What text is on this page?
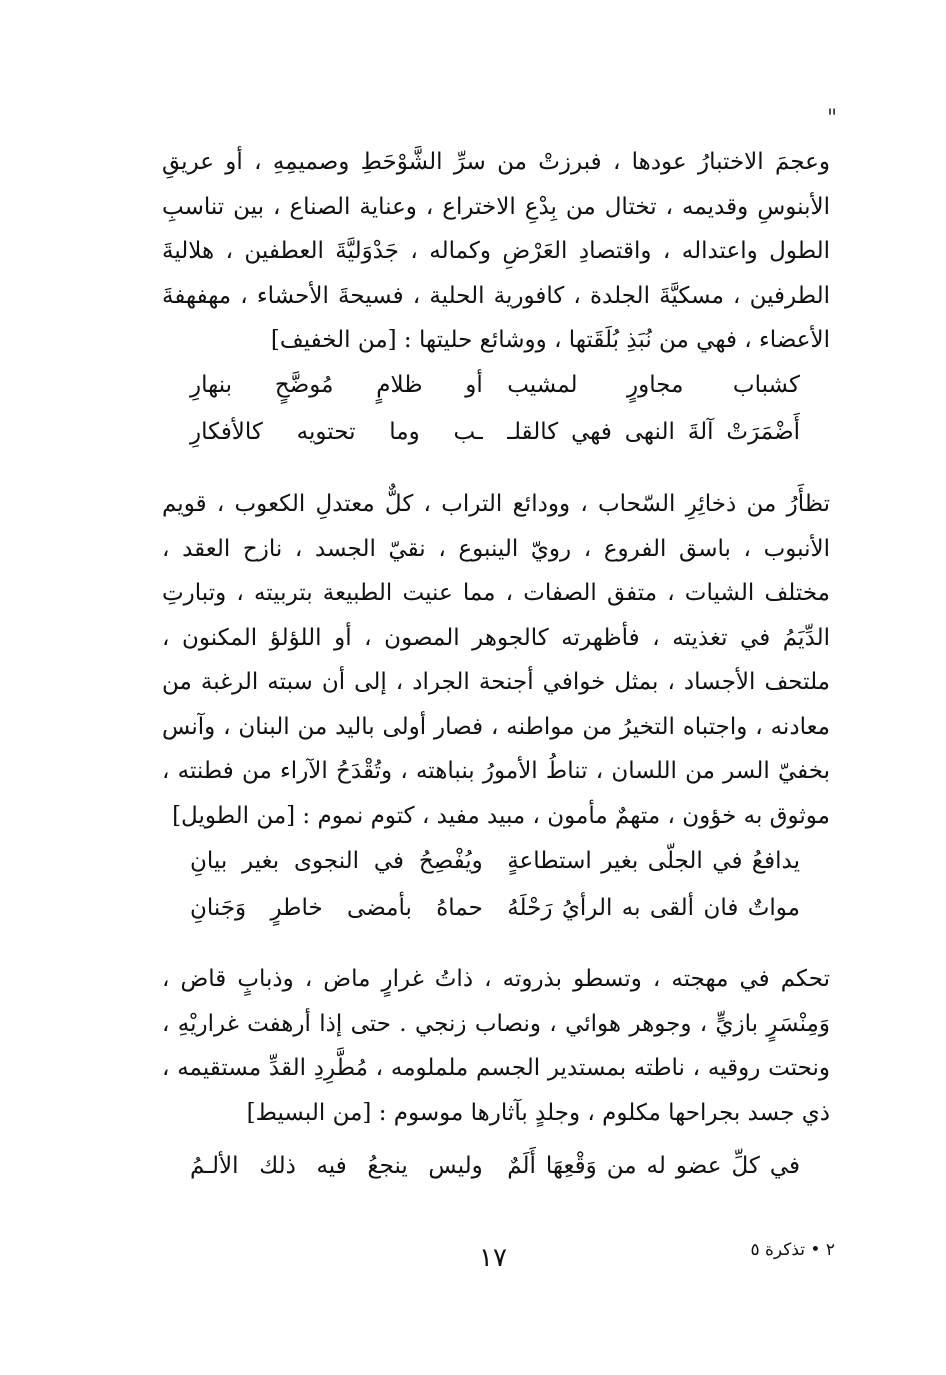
"

وعجمَ الاختبارُ عودها ، فبرزتْ من سرِّ الشَّوْحَطِ وصميمِهِ ، أو عريقِ الأبنوسِ وقديمه ، تختال من بِدْعِ الاختراع ، وعناية الصناع ، بين تناسبِ الطول واعتداله ، واقتصادِ العَرْضِ وكماله ، جَدْوَليَّةَ العطفين ، هلاليةَ الطرفين ، مسكيَّةَ الجلدة ، كافورية الحلية ، فسيحةَ الأحشاء ، مهفهفةَ الأعضاء ، فهي من نُبَذِ بُلَقَتها ، ووشائع حليتها : [من الخفيف]

كشباب مجاورٍ لمشيب
أو ظلامٍ مُوضَّحٍ بنهارِ
أَضْمَرَتْ آلةَ النهى فهي كالقلـ
ـب وما تحتويه كالأفكارِ

تظأَرُ من ذخائِرِ السّحاب ، وودائع التراب ، كلٌّ معتدلِ الكعوب ، قويم الأنبوب ، باسق الفروع ، رويّ الينبوع ، نقيّ الجسد ، نازح العقد ، مختلف الشيات ، متفق الصفات ، مما عنيت الطبيعة بتربيته ، وتبارتِ الدِّيَمُ في تغذيته ، فأظهرته كالجوهر المصون ، أو اللؤلؤ المكنون ، ملتحف الأجساد ، بمثل خوافي أجنحة الجراد ، إلى أن سبته الرغبة من معادنه ، واجتباه التخيرُ من مواطنه ، فصار أولى باليد من البنان ، وآنس بخفيّ السر من اللسان ، تناطُ الأمورُ بنباهته ، وتُقْدَحُ الآراء من فطنته ، موثوق به خؤون ، متهمٌ مأمون ، مبيد مفيد ، كتوم نموم : [من الطويل]

يدافعُ في الجلّى بغير استطاعةٍ
ويُفْصِحُ في النجوى بغير بيانِ
مواتٌ فان ألقى به الرأيُ رَحْلَهُ
حماهُ بأمضى خاطرٍ وَجَنانِ

تحكم في مهجته ، وتسطو بذروته ، ذاتُ غرارٍ ماض ، وذبابٍ قاض ، وَمِنْسَرٍ بازيٍّ ، وجوهر هوائي ، ونصاب زنجي . حتى إذا أرهفت غراريْهِ ، ونحتت روقيه ، ناطته بمستدير الجسم ململومه ، مُطَّرِدِ القدِّ مستقيمه ، ذي جسد بجراحها مكلوم ، وجلدٍ بآثارها موسوم : [من البسيط]

في كلِّ عضو له من وَقْعِهَا أَلَمٌ
وليس ينجعُ فيه ذلك الألـمُ
١٧	٢ • تذكرة ٥
